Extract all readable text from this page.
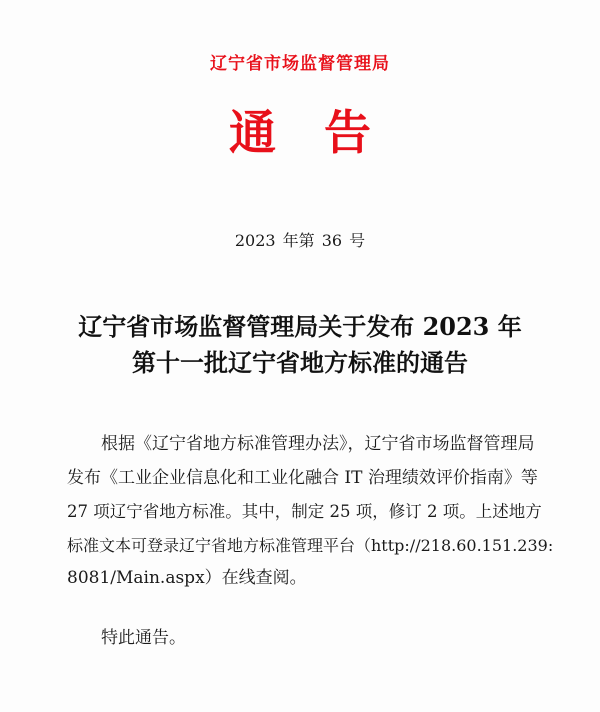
辽宁省市场监督管理局
通告
2023 年第 36 号
辽宁省市场监督管理局关于发布 2023 年
第十一批辽宁省地方标准的通告
根据《辽宁省地方标准管理办法》，辽宁省市场监督管理局
发布《工业企业信息化和工业化融合 IT 治理绩效评价指南》等
27 项辽宁省地方标准。其中，制定 25 项，修订 2 项。上述地方
标准文本可登录辽宁省地方标准管理平台（http://218.60.151.239:
8081/Main.aspx）在线查阅。
特此通告。
